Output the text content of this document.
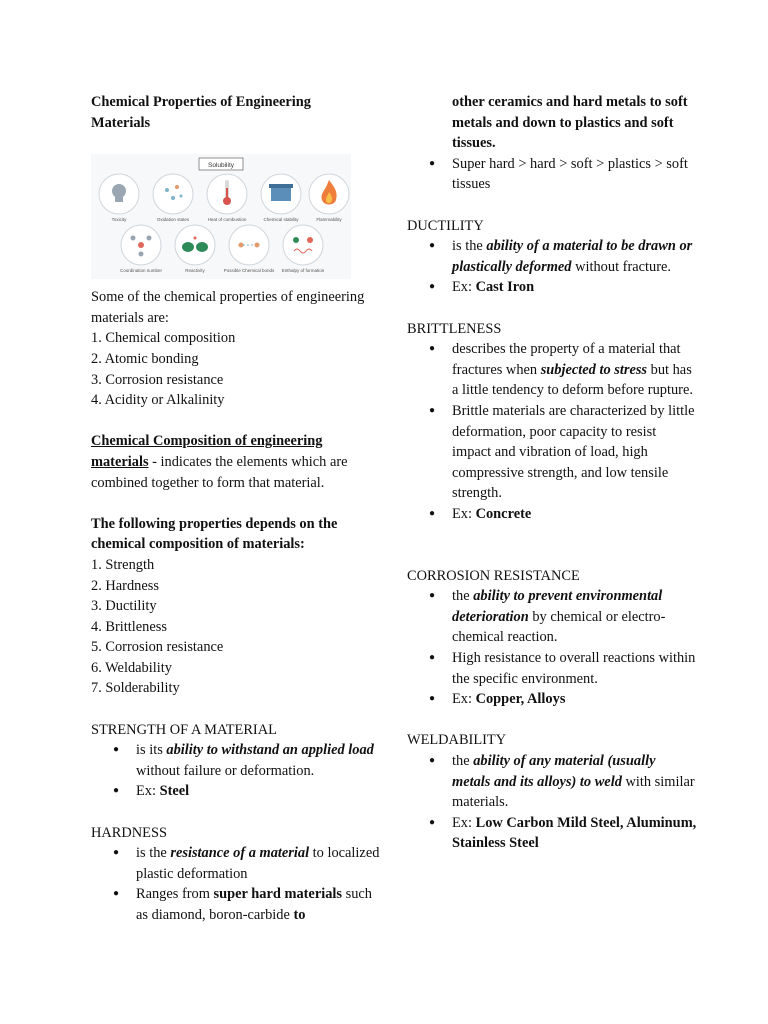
Chemical Properties of Engineering
Materials

Solubility
Toxicity	Oxidation states	Heat of combustion	Chemical stability	Flammability
Coordination number	Reactivity	Possible Chemical bonds Enthalpy of formation

Some of the chemical properties of engineering materials are:

1. Chemical composition

2. Atomic bonding

3. Corrosion resistance

4. Acidity or Alkalinity

Chemical Composition of engineering materials - indicates the elements which are combined together to form that material.

The following properties depends on the chemical composition of materials:

1. Strength

2. Hardness

3. Ductility

4. Brittleness

5. Corrosion resistance

6. Weldability

7. Solderability

STRENGTH OF A MATERIAL

● is its ability to withstand an applied load without failure or deformation.
● Ex: Steel

HARDNESS

● is the resistance of a material to localized plastic deformation
● Ranges from super hard materials such as diamond, boron-carbide to

other ceramics and hard metals to soft metals and down to plastics and soft tissues.

● Super hard > hard > soft > plastics > soft tissues

DUCTILITY

● is the ability of a material to be drawn or plastically deformed without fracture.
● Ex: Cast Iron

BRITTLENESS

● describes the property of a material that fractures when subjected to stress but has a little tendency to deform before rupture.
● Brittle materials are characterized by little deformation, poor capacity to resist impact and vibration of load, high compressive strength, and low tensile strength.
● Ex: Concrete

CORROSION RESISTANCE

● the ability to prevent environmental deterioration by chemical or electro-chemical reaction.
● High resistance to overall reactions within the specific environment.
● Ex: Copper, Alloys

WELDABILITY

● the ability of any material (usually metals and its alloys) to weld with similar materials.
● Ex: Low Carbon Mild Steel, Aluminum, Stainless Steel
